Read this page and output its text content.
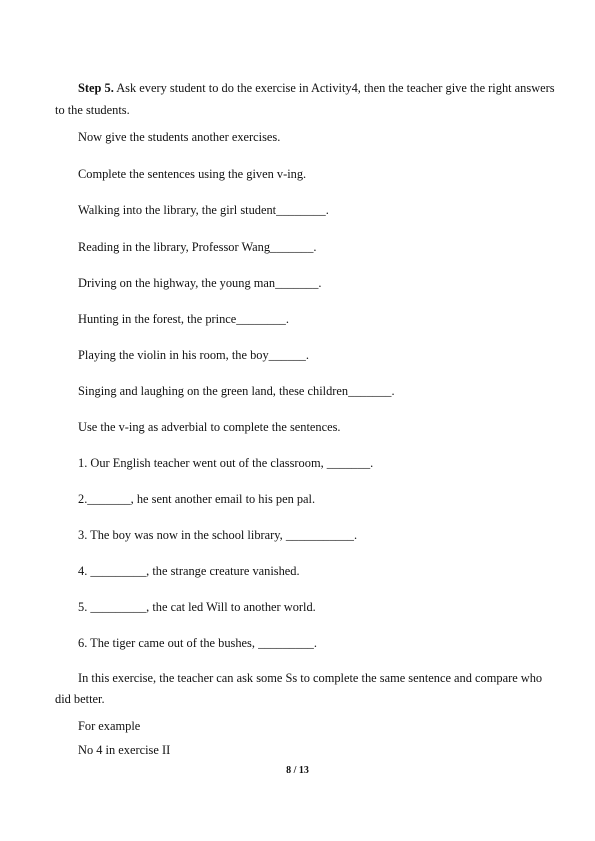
Step 5. Ask every student to do the exercise in Activity4, then the teacher give the right answers
to the students.
Now give the students another exercises.
Complete the sentences using the given v-ing.
Walking into the library, the girl student________.
Reading in the library, Professor Wang_______.
Driving on the highway, the young man_______.
Hunting in the forest, the prince________.
Playing the violin in his room, the boy______.
Singing and laughing on the green land, these children_______.
Use the v-ing as adverbial to complete the sentences.
1. Our English teacher went out of the classroom, _______.
2._______, he sent another email to his pen pal.
3. The boy was now in the school library, ___________.
4. _________, the strange creature vanished.
5. _________, the cat led Will to another world.
6. The tiger came out of the bushes, _________.
In this exercise, the teacher can ask some Ss to complete the same sentence and compare who
did better.
For example
No 4 in exercise II
8 / 13
